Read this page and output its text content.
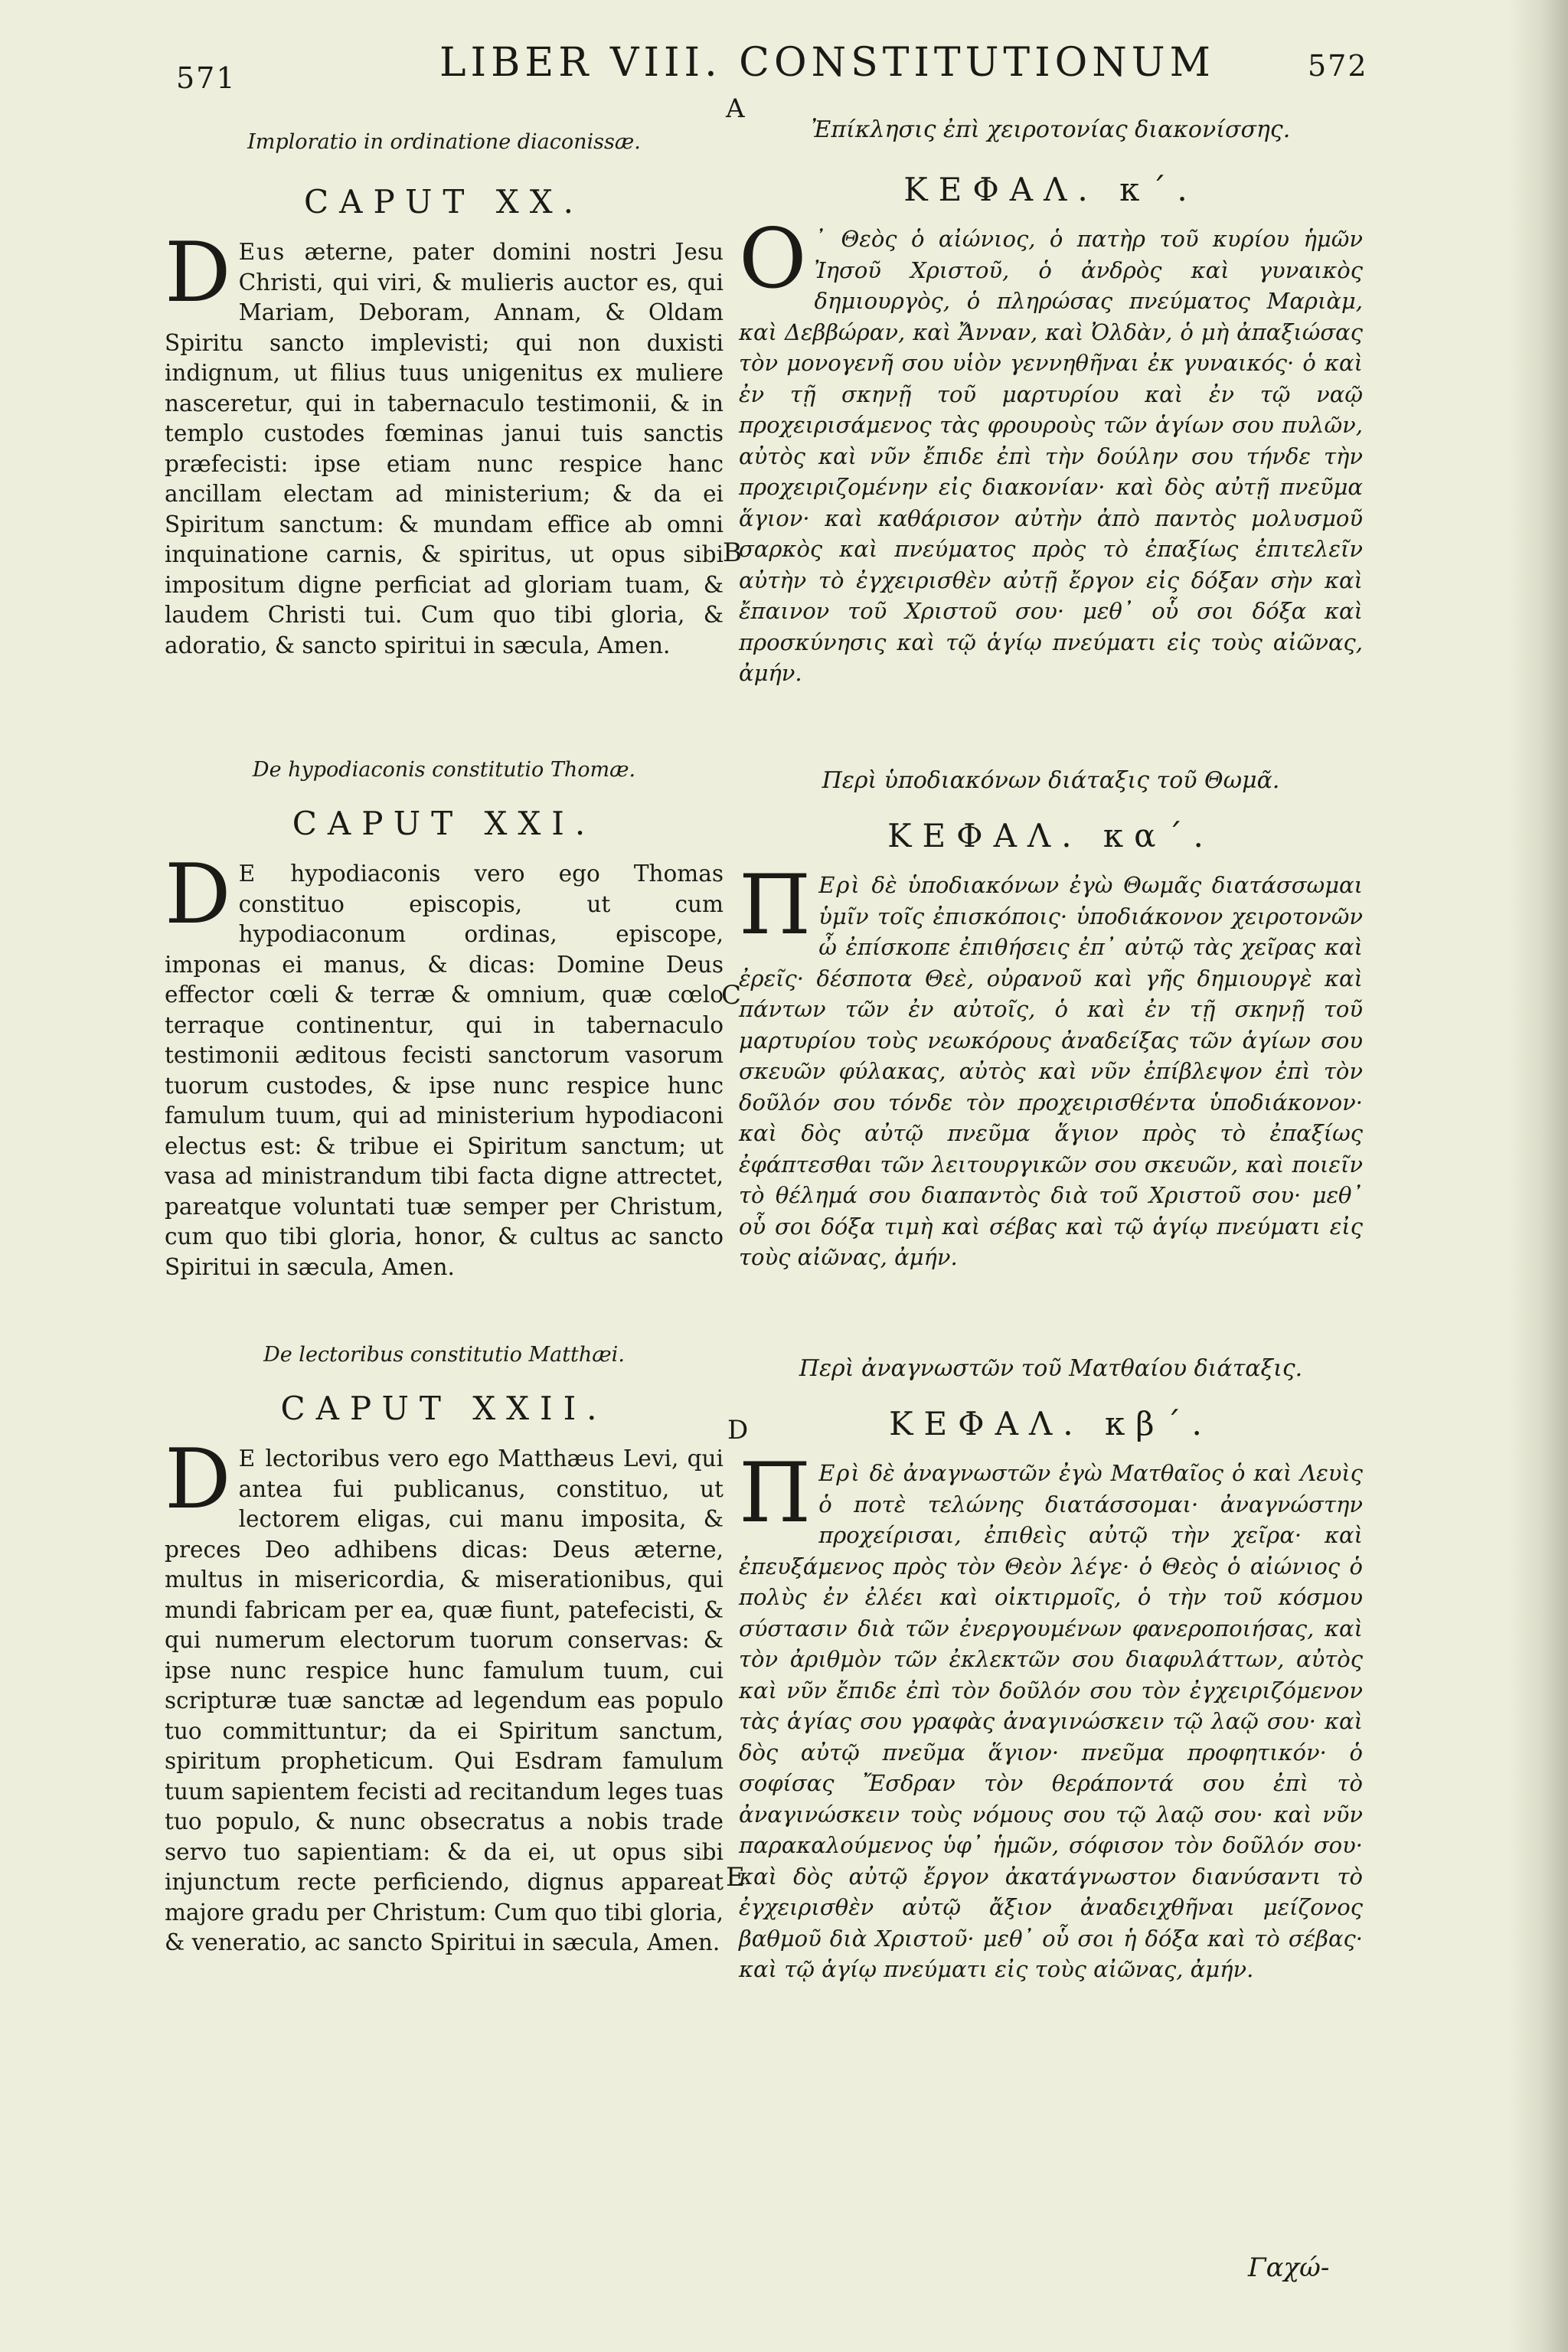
571	LIBER VIII. CONSTITUTIONUM	572
A
B
C
D
E

Imploratio in ordinatione diaconissæ.

CAPUT XX.

D Eus æterne, pater domini nostri Jesu Christi, qui viri, & mulieris auctor es, qui Mariam, Deboram, Annam, & Oldam Spiritu sancto implevisti; qui non duxisti indignum, ut filius tuus unigenitus ex muliere nasceretur, qui in tabernaculo testimonii, & in templo custodes fœminas janui tuis sanctis præfecisti: ipse etiam nunc respice hanc ancillam electam ad ministerium; & da ei Spiritum sanctum: & mundam effice ab omni inquinatione carnis, & spiritus, ut opus sibi impositum digne perficiat ad gloriam tuam, & laudem Christi tui. Cum quo tibi gloria, & adoratio, & sancto spiritui in sæcula, Amen.

De hypodiaconis constitutio Thomæ.

CAPUT XXI.

D E hypodiaconis vero ego Thomas constituo episcopis, ut cum hypodiaconum ordinas, episcope, imponas ei manus, & dicas: Domine Deus effector cœli & terræ & omnium, quæ cœlo terraque continentur, qui in tabernaculo testimonii æditous fecisti sanctorum vasorum tuorum custodes, & ipse nunc respice hunc famulum tuum, qui ad ministerium hypodiaconi electus est: & tribue ei Spiritum sanctum; ut vasa ad ministrandum tibi facta digne attrectet, pareatque voluntati tuæ semper per Christum, cum quo tibi gloria, honor, & cultus ac sancto Spiritui in sæcula, Amen.

De lectoribus constitutio Matthæi.

CAPUT XXII.

D E lectoribus vero ego Matthæus Levi, qui antea fui publicanus, constituo, ut lectorem eligas, cui manu imposita, & preces Deo adhibens dicas: Deus æterne, multus in misericordia, & miserationibus, qui mundi fabricam per ea, quæ fiunt, patefecisti, & qui numerum electorum tuorum conservas: & ipse nunc respice hunc famulum tuum, cui scripturæ tuæ sanctæ ad legendum eas populo tuo committuntur; da ei Spiritum sanctum, spiritum propheticum. Qui Esdram famulum tuum sapientem fecisti ad recitandum leges tuas tuo populo, & nunc obsecratus a nobis trade servo tuo sapientiam: & da ei, ut opus sibi injunctum recte perficiendo, dignus appareat majore gradu per Christum: Cum quo tibi gloria, & veneratio, ac sancto Spiritui in sæcula, Amen.

Ἐπίκλησις ἐπὶ χειροτονίας διακονίσσης.

ΚΕΦΑΛ. κ΄.

Ο ᾽ Θεὸς ὁ αἰώνιος, ὁ πατὴρ τοῦ κυρίου ἡμῶν Ἰησοῦ Χριστοῦ, ὁ ἀνδρὸς καὶ γυναικὸς δημιουργὸς, ὁ πληρώσας πνεύματος Μαριὰμ, καὶ Δεββώραν, καὶ Ἄνναν, καὶ Ὀλδὰν, ὁ μὴ ἀπαξιώσας τὸν μονογενῆ σου υἱὸν γεννηθῆναι ἐκ γυναικός· ὁ καὶ ἐν τῇ σκηνῇ τοῦ μαρτυρίου καὶ ἐν τῷ ναῷ προχειρισάμενος τὰς φρουροὺς τῶν ἁγίων σου πυλῶν, αὐτὸς καὶ νῦν ἔπιδε ἐπὶ τὴν δούλην σου τήνδε τὴν προχειριζομένην εἰς διακονίαν· καὶ δὸς αὐτῇ πνεῦμα ἅγιον· καὶ καθάρισον αὐτὴν ἀπὸ παντὸς μολυσμοῦ σαρκὸς καὶ πνεύματος πρὸς τὸ ἐπαξίως ἐπιτελεῖν αὐτὴν τὸ ἐγχειρισθὲν αὐτῇ ἔργον εἰς δόξαν σὴν καὶ ἔπαινον τοῦ Χριστοῦ σου· μεθ᾽ οὗ σοι δόξα καὶ προσκύνησις καὶ τῷ ἁγίῳ πνεύματι εἰς τοὺς αἰῶνας, ἀμήν.

Περὶ ὑποδιακόνων διάταξις τοῦ Θωμᾶ.

ΚΕΦΑΛ. κα΄.

Π Ερὶ δὲ ὑποδιακόνων ἐγὼ Θωμᾶς διατάσσωμαι ὑμῖν τοῖς ἐπισκόποις· ὑποδιάκονον χειροτονῶν ὦ ἐπίσκοπε ἐπιθήσεις ἐπ᾽ αὐτῷ τὰς χεῖρας καὶ ἐρεῖς· δέσποτα Θεὲ, οὐρανοῦ καὶ γῆς δημιουργὲ καὶ πάντων τῶν ἐν αὐτοῖς, ὁ καὶ ἐν τῇ σκηνῇ τοῦ μαρτυρίου τοὺς νεωκόρους ἀναδείξας τῶν ἁγίων σου σκευῶν φύλακας, αὐτὸς καὶ νῦν ἐπίβλεψον ἐπὶ τὸν δοῦλόν σου τόνδε τὸν προχειρισθέντα ὑποδιάκονον· καὶ δὸς αὐτῷ πνεῦμα ἅγιον πρὸς τὸ ἐπαξίως ἐφάπτεσθαι τῶν λειτουργικῶν σου σκευῶν, καὶ ποιεῖν τὸ θέλημά σου διαπαντὸς διὰ τοῦ Χριστοῦ σου· μεθ᾽ οὗ σοι δόξα τιμὴ καὶ σέβας καὶ τῷ ἁγίῳ πνεύματι εἰς τοὺς αἰῶνας, ἀμήν.

Περὶ ἀναγνωστῶν τοῦ Ματθαίου διάταξις.

ΚΕΦΑΛ. κβ΄.

Π Ερὶ δὲ ἀναγνωστῶν ἐγὼ Ματθαῖος ὁ καὶ Λευὶς ὁ ποτὲ τελώνης διατάσσομαι· ἀναγνώστην προχείρισαι, ἐπιθεὶς αὐτῷ τὴν χεῖρα· καὶ ἐπευξάμενος πρὸς τὸν Θεὸν λέγε· ὁ Θεὸς ὁ αἰώνιος ὁ πολὺς ἐν ἐλέει καὶ οἰκτιρμοῖς, ὁ τὴν τοῦ κόσμου σύστασιν διὰ τῶν ἐνεργουμένων φανεροποιήσας, καὶ τὸν ἀριθμὸν τῶν ἐκλεκτῶν σου διαφυλάττων, αὐτὸς καὶ νῦν ἔπιδε ἐπὶ τὸν δοῦλόν σου τὸν ἐγχειριζόμενον τὰς ἁγίας σου γραφὰς ἀναγινώσκειν τῷ λαῷ σου· καὶ δὸς αὐτῷ πνεῦμα ἅγιον· πνεῦμα προφητικόν· ὁ σοφίσας Ἔσδραν τὸν θεράποντά σου ἐπὶ τὸ ἀναγινώσκειν τοὺς νόμους σου τῷ λαῷ σου· καὶ νῦν παρακαλούμενος ὑφ᾽ ἡμῶν, σόφισον τὸν δοῦλόν σου· καὶ δὸς αὐτῷ ἔργον ἀκατάγνωστον διανύσαντι τὸ ἐγχειρισθὲν αὐτῷ ἄξιον ἀναδειχθῆναι μείζονος βαθμοῦ διὰ Χριστοῦ· μεθ᾽ οὗ σοι ἡ δόξα καὶ τὸ σέβας· καὶ τῷ ἁγίῳ πνεύματι εἰς τοὺς αἰῶνας, ἀμήν.

Γαχώ-
